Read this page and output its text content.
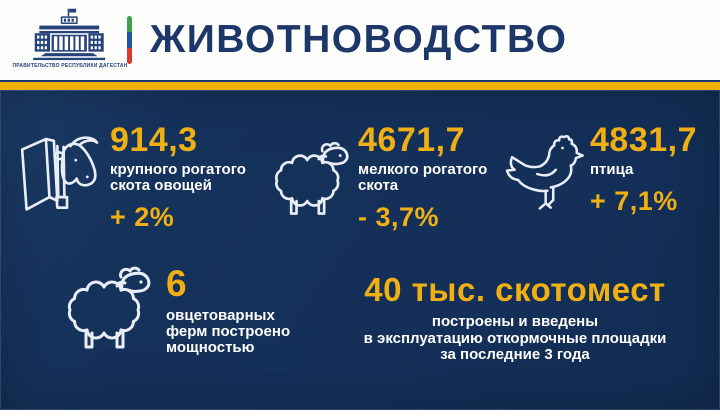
ПРАВИТЕЛЬСТВО РЕСПУБЛИКИ ДАГЕСТАН
ЖИВОТНОВОДСТВО
914,3
крупного рогатого
скота овощей
+ 2%
4671,7
мелкого рогатого
скота
- 3,7%
4831,7
птица
+ 7,1%
6
овцетоварных
ферм построено
мощностью
40 тыс. скотомест
построены и введены
в эксплуатацию откормочные площадки
за последние 3 года
